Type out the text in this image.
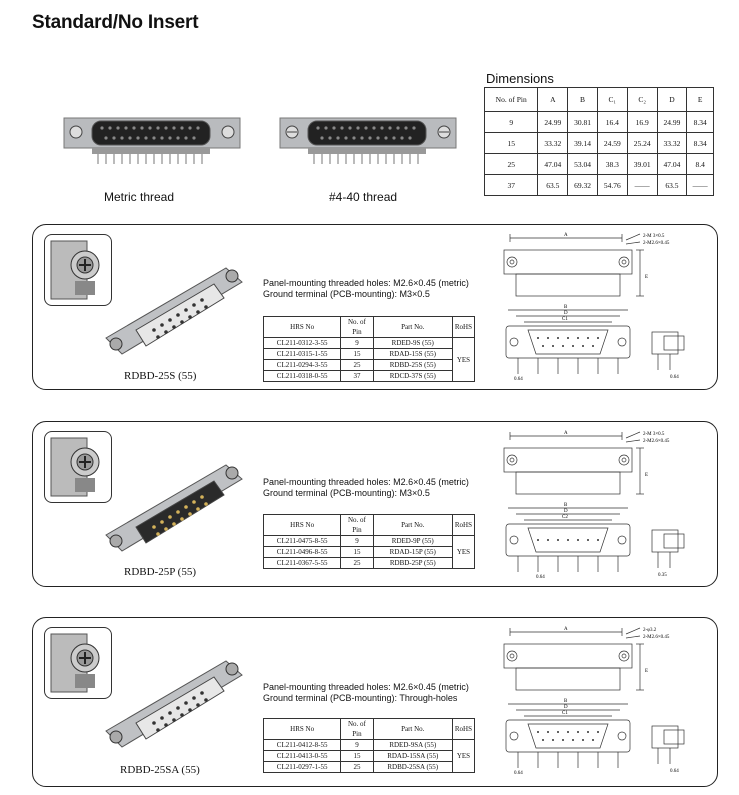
Standard/No Insert
Metric thread	#4-40 thread
Dimensions
No. of Pin	A	B	C₁	C₂	D	E
9	24.99	30.81	16.4	16.9	24.99	8.34
15	33.32	39.14	24.59	25.24	33.32	8.34
25	47.04	53.04	38.3	39.01	47.04	8.4
37	63.5	69.32	54.76	——	63.5	——
RDBD-25S (55)
Panel-mounting threaded holes: M2.6×0.45 (metric)
Ground terminal (PCB-mounting): M3×0.5
HRS No	No. of Pin	Part No.	RoHS
CL211-0312-3-55	9	RDED-9S (55)	YES
CL211-0315-1-55	15	RDAD-15S (55)	
CL211-0294-3-55	25	RDBD-25S (55)	
CL211-0318-0-55	37	RDCD-37S (55)	
A	2-M 3×0.5
2-M2.6×0.45
E
B
D
C1
0.64	0.64
RDBD-25P (55)
Panel-mounting threaded holes: M2.6×0.45 (metric)
Ground terminal (PCB-mounting): M3×0.5
HRS No	No. of Pin	Part No.	RoHS
CL211-0475-8-55	9	RDED-9P (55)	YES
CL211-0496-8-55	15	RDAD-15P (55)	
CL211-0367-5-55	25	RDBD-25P (55)	
A	2-M 3×0.5
2-M2.6×0.45
E
B
D
C2
0.64	0.35
RDBD-25SA (55)
Panel-mounting threaded holes: M2.6×0.45 (metric)
Ground terminal (PCB-mounting): Through-holes
HRS No	No. of Pin	Part No.	RoHS
CL211-0412-8-55	9	RDED-9SA (55)	YES
CL211-0413-0-55	15	RDAD-15SA (55)	
CL211-0297-1-55	25	RDBD-25SA (55)	
A	2-φ3.2
2-M2.6×0.45
E
B
D
C1
0.64	0.64
